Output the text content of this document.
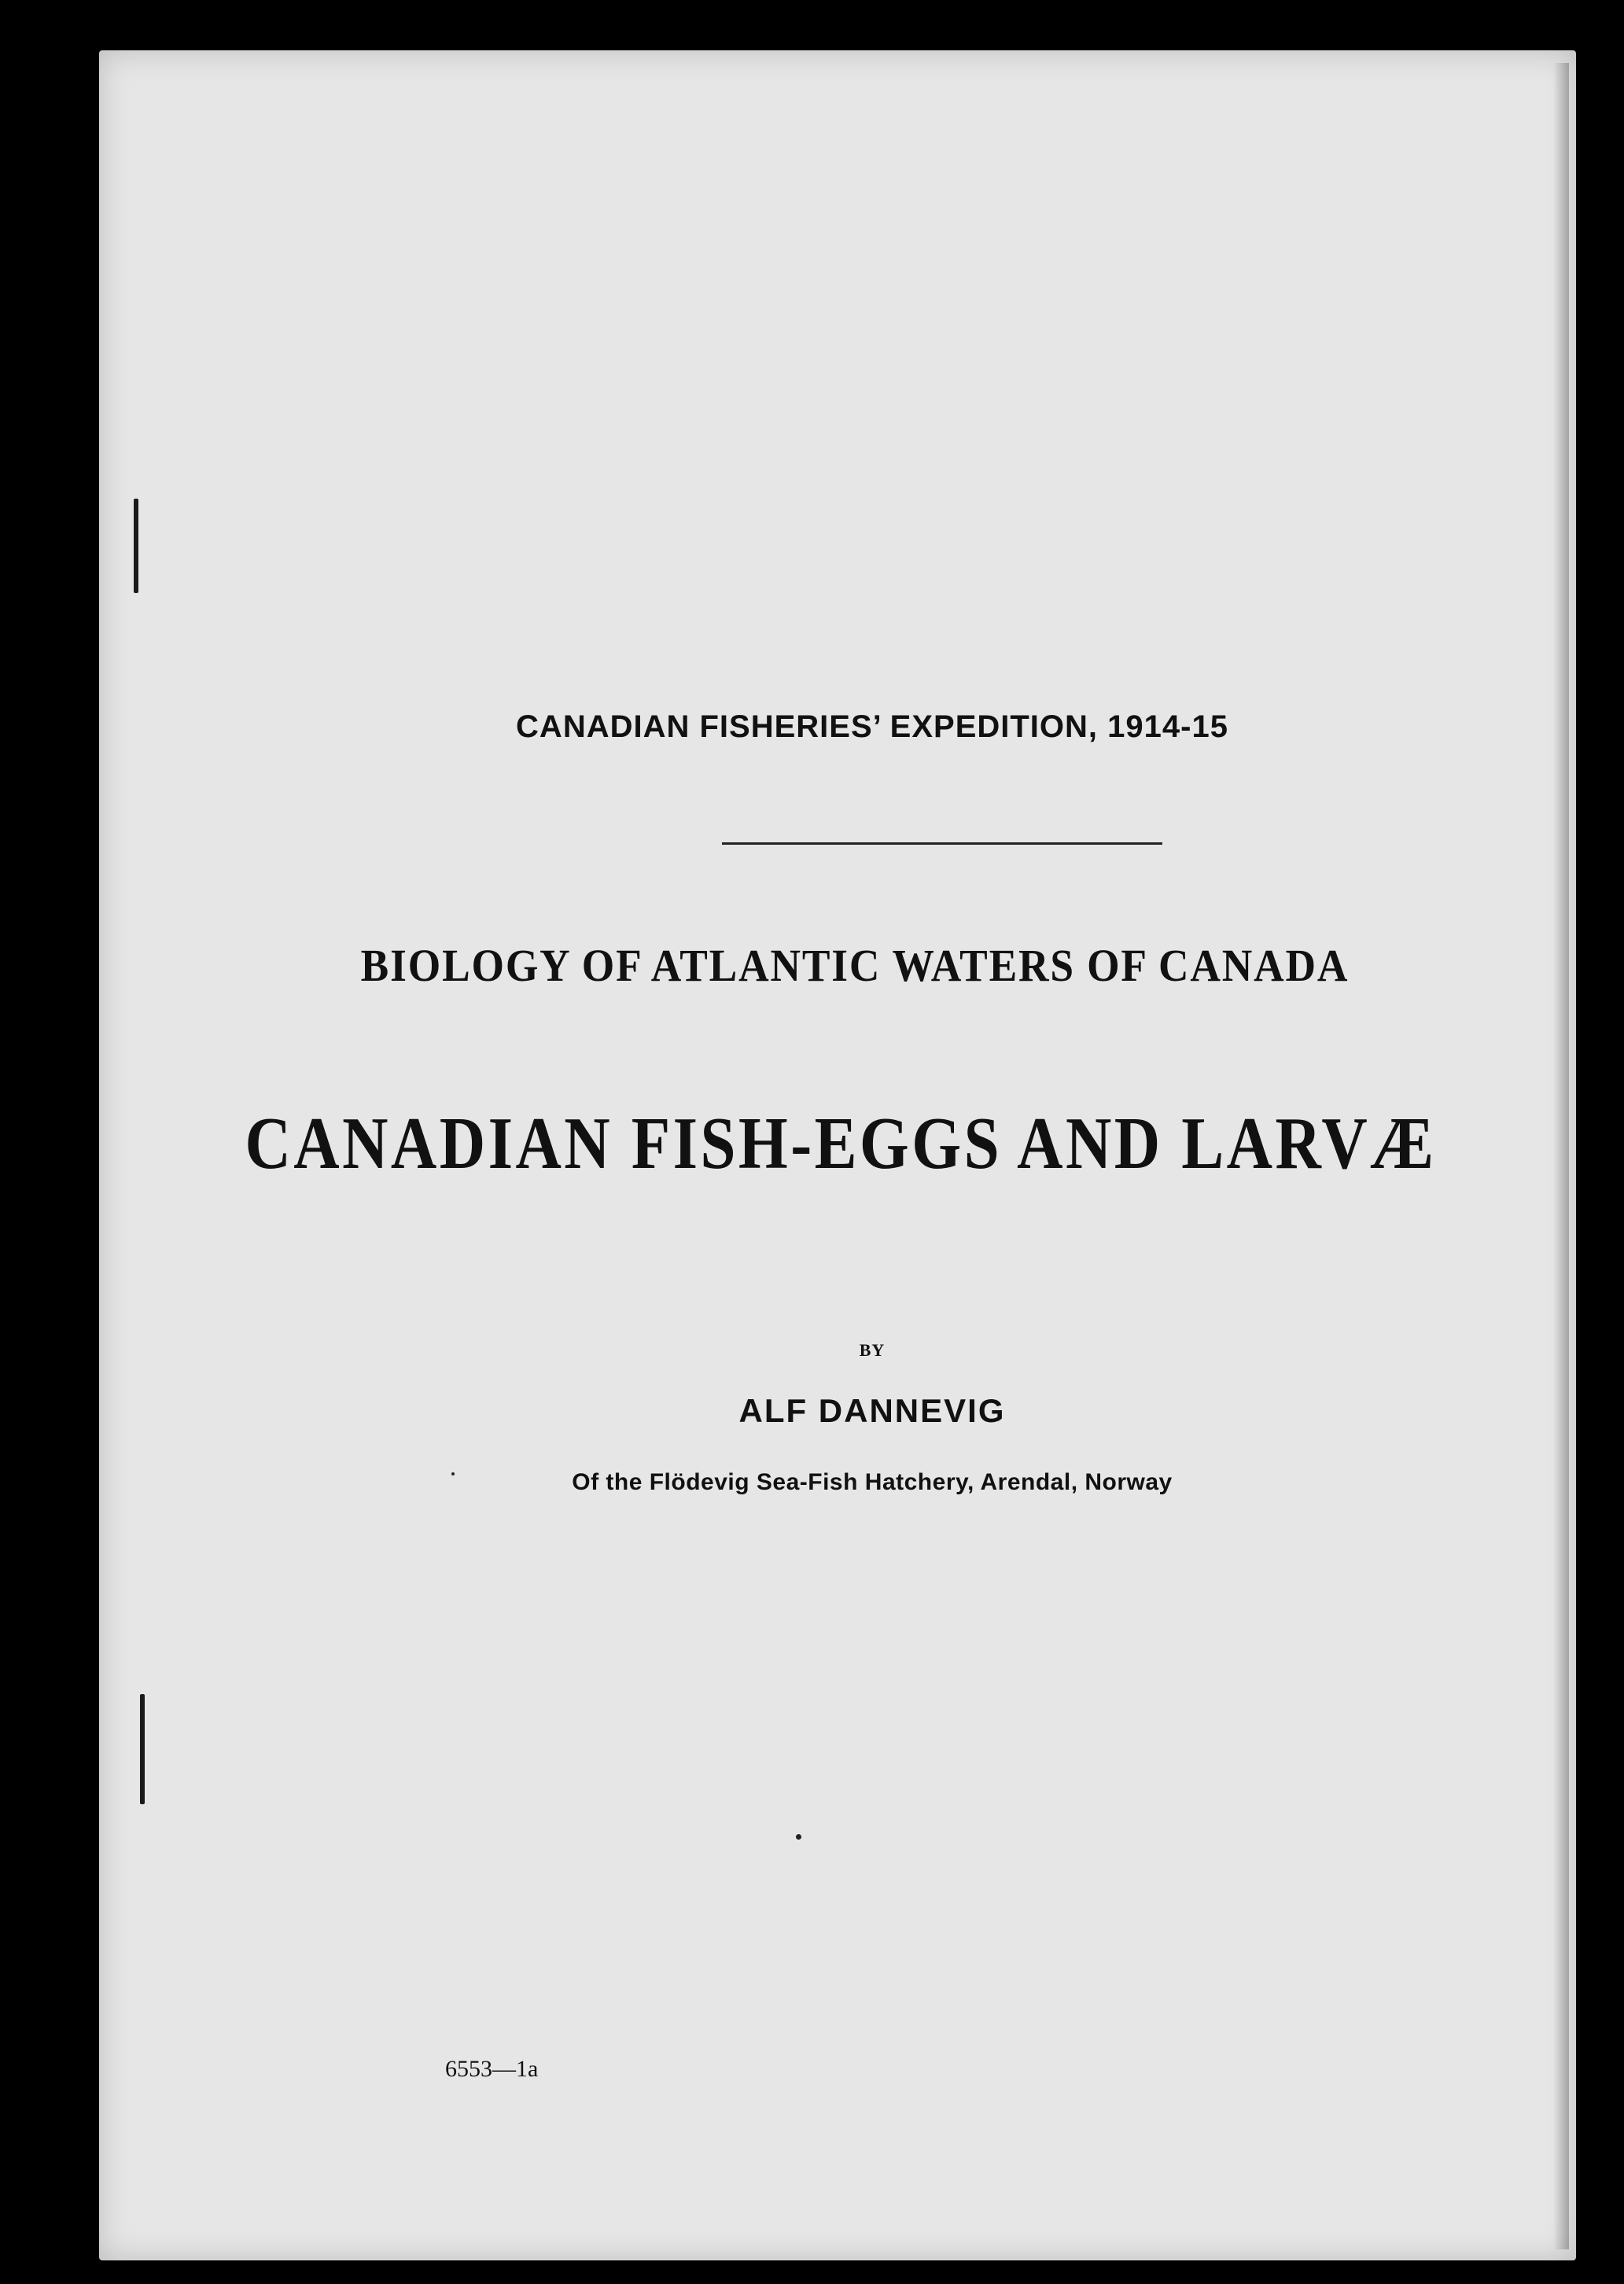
CANADIAN FISHERIES’ EXPEDITION, 1914-15

BIOLOGY OF ATLANTIC WATERS OF CANADA

CANADIAN FISH-EGGS AND LARVÆ

BY

ALF DANNEVIG

Of the Flödevig Sea-Fish Hatchery, Arendal, Norway

6553—1a
